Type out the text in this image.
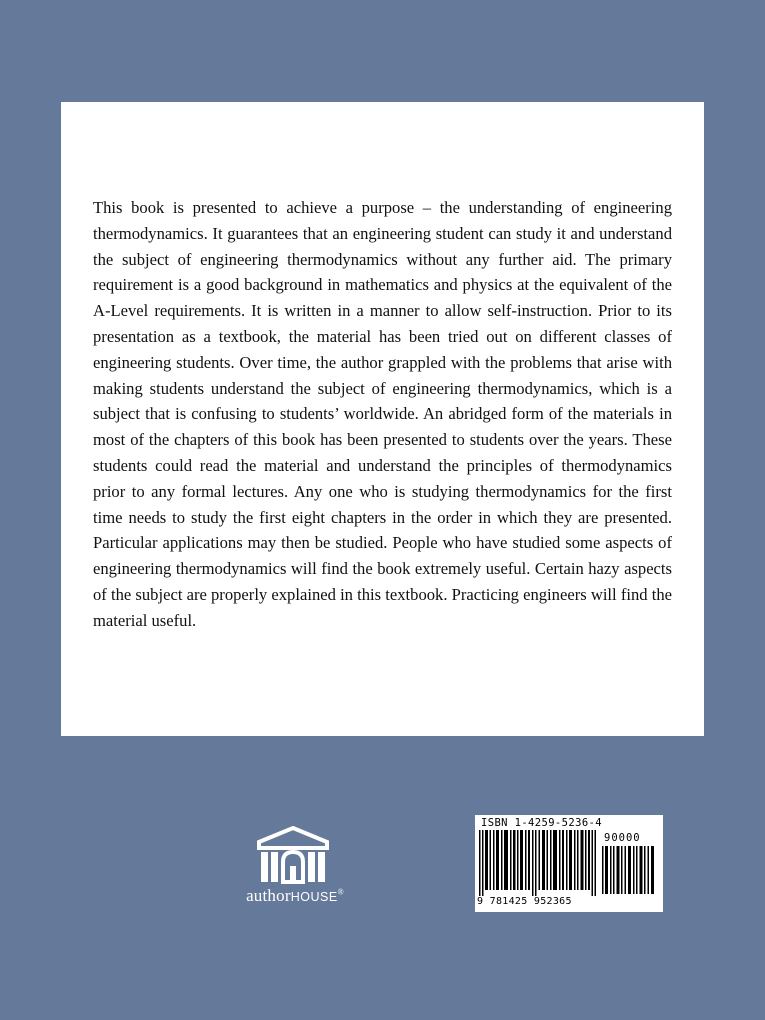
This book is presented to achieve a purpose – the understanding of engineering thermodynamics. It guarantees that an engineering student can study it and understand the subject of engineering thermodynamics without any further aid. The primary requirement is a good background in mathematics and physics at the equivalent of the A-Level requirements. It is written in a manner to allow self-instruction. Prior to its presentation as a textbook, the material has been tried out on different classes of engineering students. Over time, the author grappled with the problems that arise with making students understand the subject of engineering thermodynamics, which is a subject that is confusing to students’ worldwide. An abridged form of the materials in most of the chapters of this book has been presented to students over the years. These students could read the material and understand the principles of thermodynamics prior to any formal lectures. Any one who is studying thermodynamics for the first time needs to study the first eight chapters in the order in which they are presented. Particular applications may then be studied. People who have studied some aspects of engineering thermodynamics will find the book extremely useful. Certain hazy aspects of the subject are properly explained in this textbook. Practicing engineers will find the material useful.

authorHOUSE®
ISBN 1-4259-5236-4
90000
9 781425 952365
